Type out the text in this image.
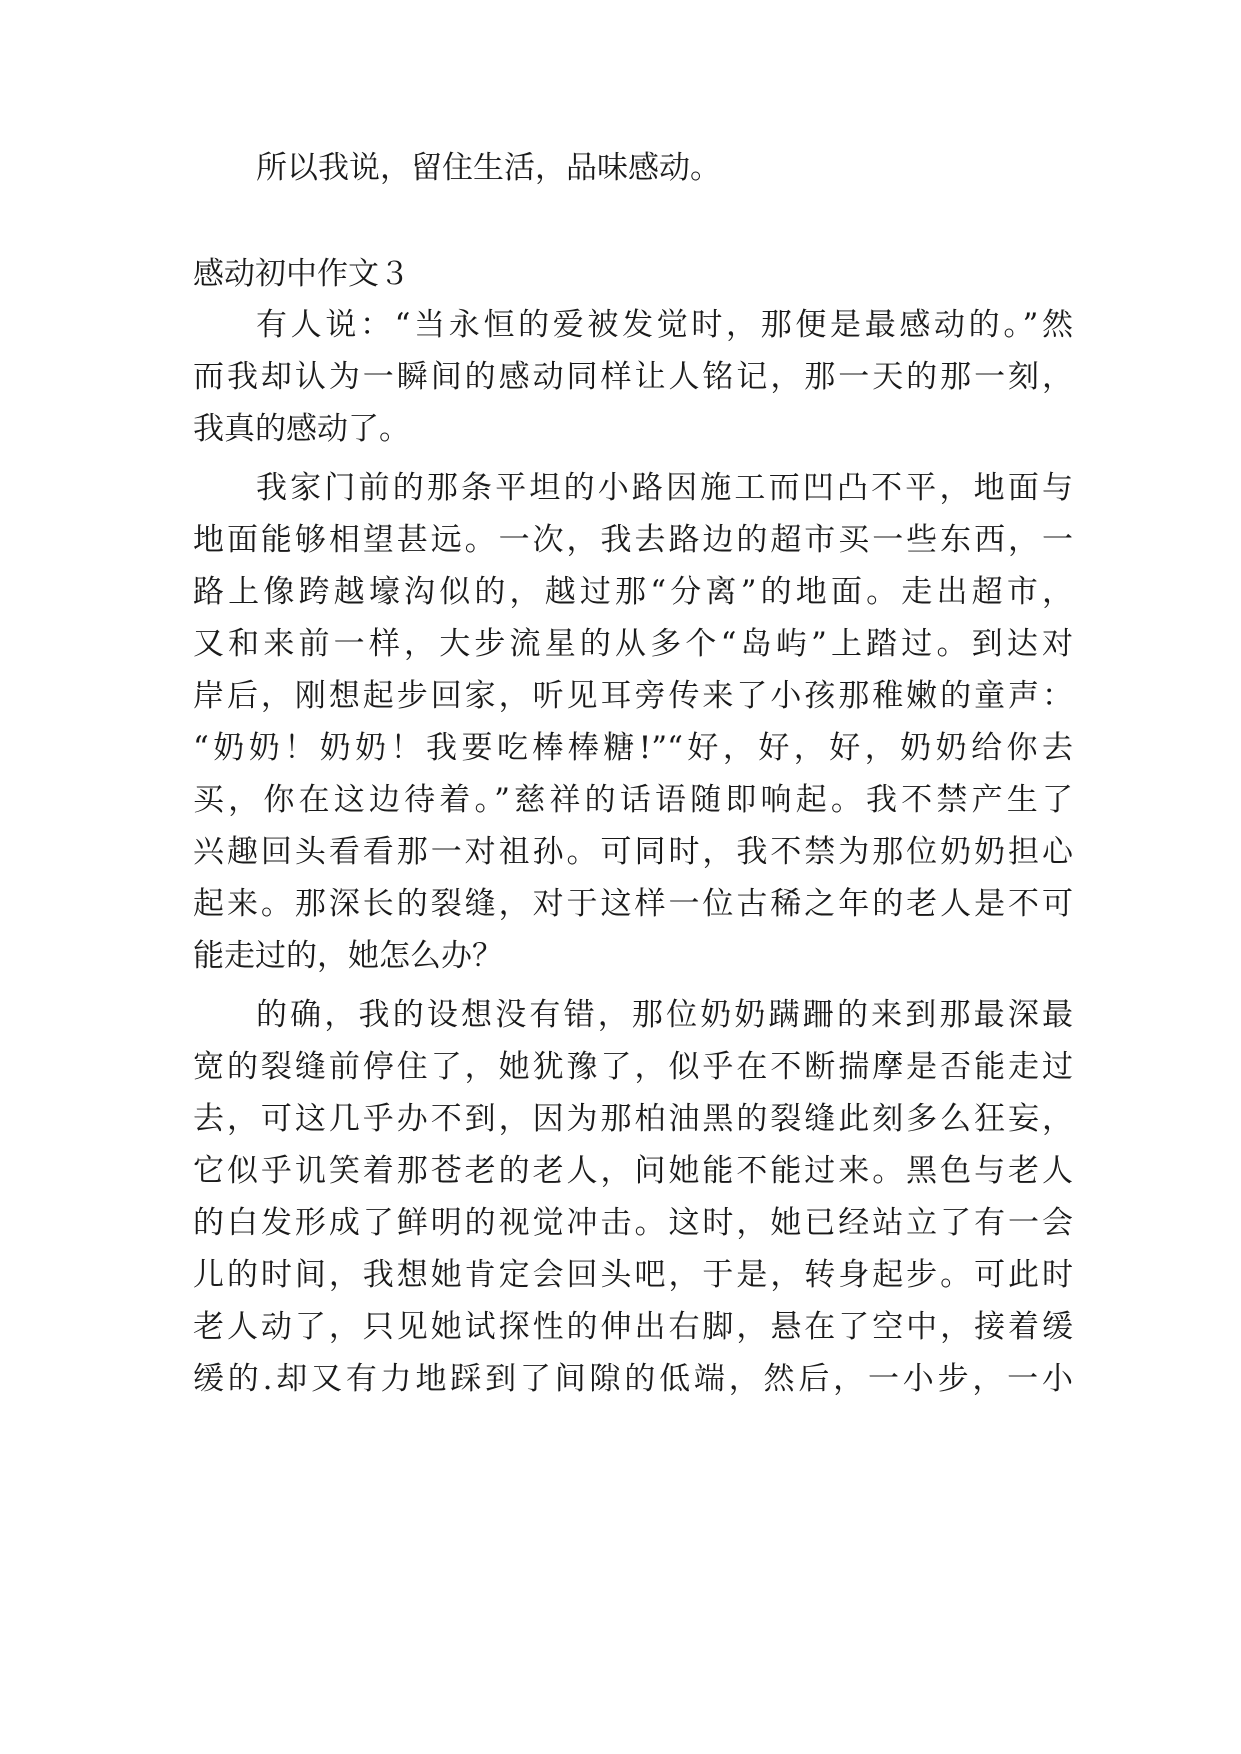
所以我说，留住生活，品味感动。
感动初中作文３
有人说：“当永恒的爱被发觉时，那便是最感动的。”然
而我却认为一瞬间的感动同样让人铭记，那一天的那一刻，
我真的感动了。
我家门前的那条平坦的小路因施工而凹凸不平，地面与
地面能够相望甚远。一次，我去路边的超市买一些东西，一
路上像跨越壕沟似的，越过那“分离”的地面。走出超市，
又和来前一样，大步流星的从多个“岛屿”上踏过。到达对
岸后，刚想起步回家，听见耳旁传来了小孩那稚嫩的童声：
“奶奶！奶奶！我要吃棒棒糖!”“好，好，好，奶奶给你去
买，你在这边待着。”慈祥的话语随即响起。我不禁产生了
兴趣回头看看那一对祖孙。可同时，我不禁为那位奶奶担心
起来。那深长的裂缝，对于这样一位古稀之年的老人是不可
能走过的，她怎么办？
的确，我的设想没有错，那位奶奶蹒跚的来到那最深最
宽的裂缝前停住了，她犹豫了，似乎在不断揣摩是否能走过
去，可这几乎办不到，因为那柏油黑的裂缝此刻多么狂妄，
它似乎讥笑着那苍老的老人，问她能不能过来。黑色与老人
的白发形成了鲜明的视觉冲击。这时，她已经站立了有一会
儿的时间，我想她肯定会回头吧，于是，转身起步。可此时
老人动了，只见她试探性的伸出右脚，悬在了空中，接着缓
缓的.却又有力地踩到了间隙的低端，然后，一小步，一小
